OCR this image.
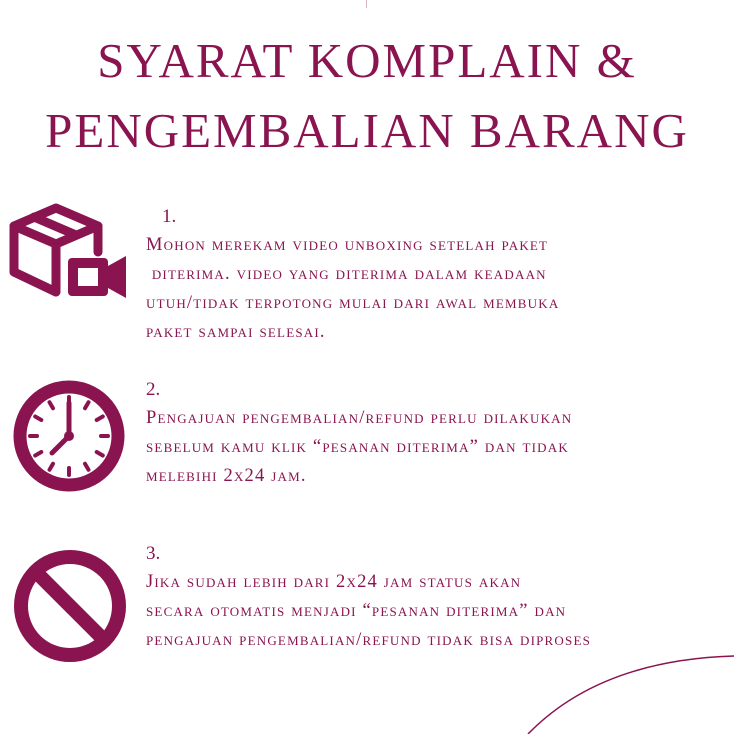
SYARAT KOMPLAIN &
PENGEMBALIAN BARANG
1.
Mohon merekam video unboxing setelah paket
diterima. video yang diterima dalam keadaan
utuh/tidak terpotong mulai dari awal membuka
paket sampai selesai.
2.
Pengajuan pengembalian/refund perlu dilakukan
sebelum kamu klik “pesanan diterima” dan tidak
melebihi 2x24 jam.
3.
Jika sudah lebih dari 2x24 jam status akan
secara otomatis menjadi “pesanan diterima” dan
pengajuan pengembalian/refund tidak bisa diproses
